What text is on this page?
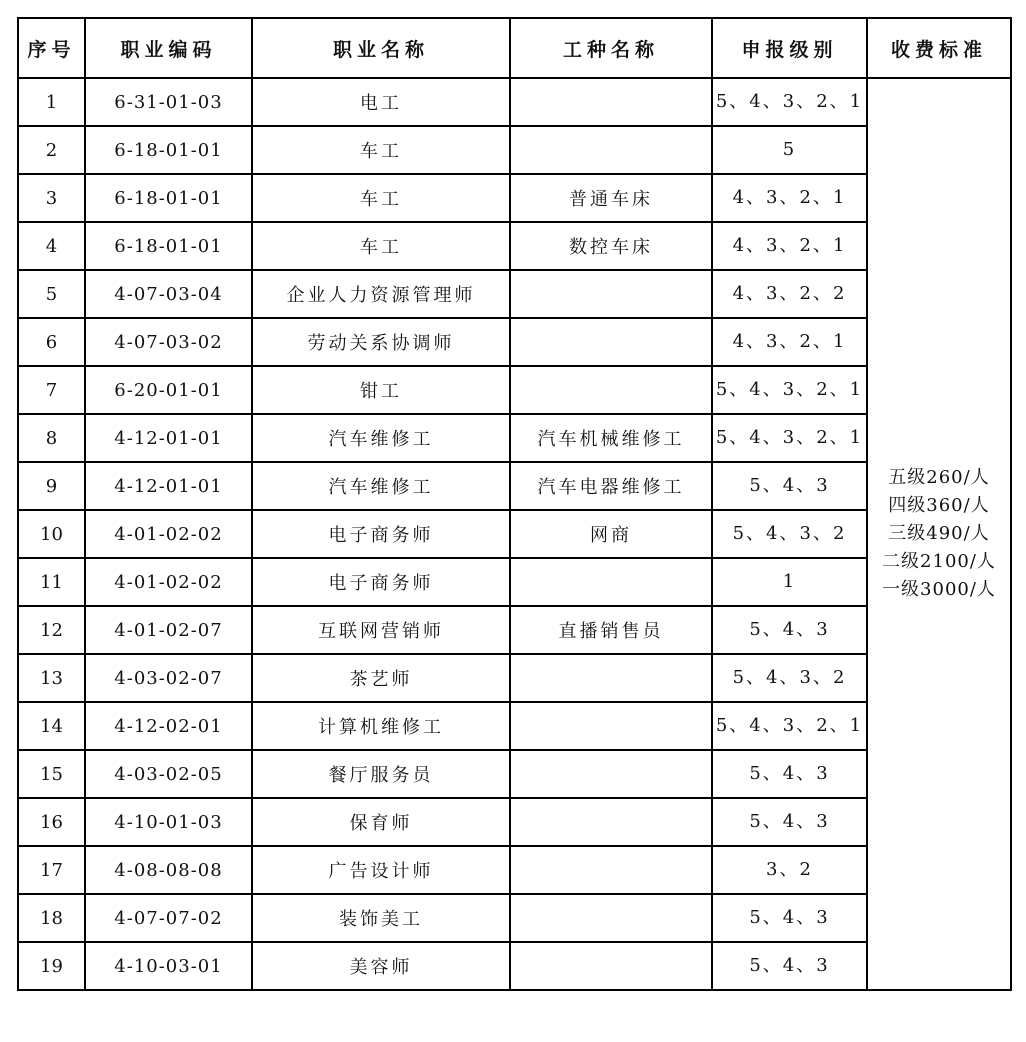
序号	职业编码	职业名称	工种名称	申报级别	收费标准
1	6-31-01-03	电工		5、4、3、2、1	五级260/人
四级360/人
三级490/人
二级2100/人
一级3000/人

2	6-18-01-01	车工		5	
3	6-18-01-01	车工	普通车床	4、3、2、1	
4	6-18-01-01	车工	数控车床	4、3、2、1	
5	4-07-03-04	企业人力资源管理师		4、3、2、2	
6	4-07-03-02	劳动关系协调师		4、3、2、1	
7	6-20-01-01	钳工		5、4、3、2、1	
8	4-12-01-01	汽车维修工	汽车机械维修工	5、4、3、2、1	
9	4-12-01-01	汽车维修工	汽车电器维修工	5、4、3	
10	4-01-02-02	电子商务师	网商	5、4、3、2	
11	4-01-02-02	电子商务师		1	
12	4-01-02-07	互联网营销师	直播销售员	5、4、3	
13	4-03-02-07	茶艺师		5、4、3、2	
14	4-12-02-01	计算机维修工		5、4、3、2、1	
15	4-03-02-05	餐厅服务员		5、4、3	
16	4-10-01-03	保育师		5、4、3	
17	4-08-08-08	广告设计师		3、2	
18	4-07-07-02	装饰美工		5、4、3	
19	4-10-03-01	美容师		5、4、3	
